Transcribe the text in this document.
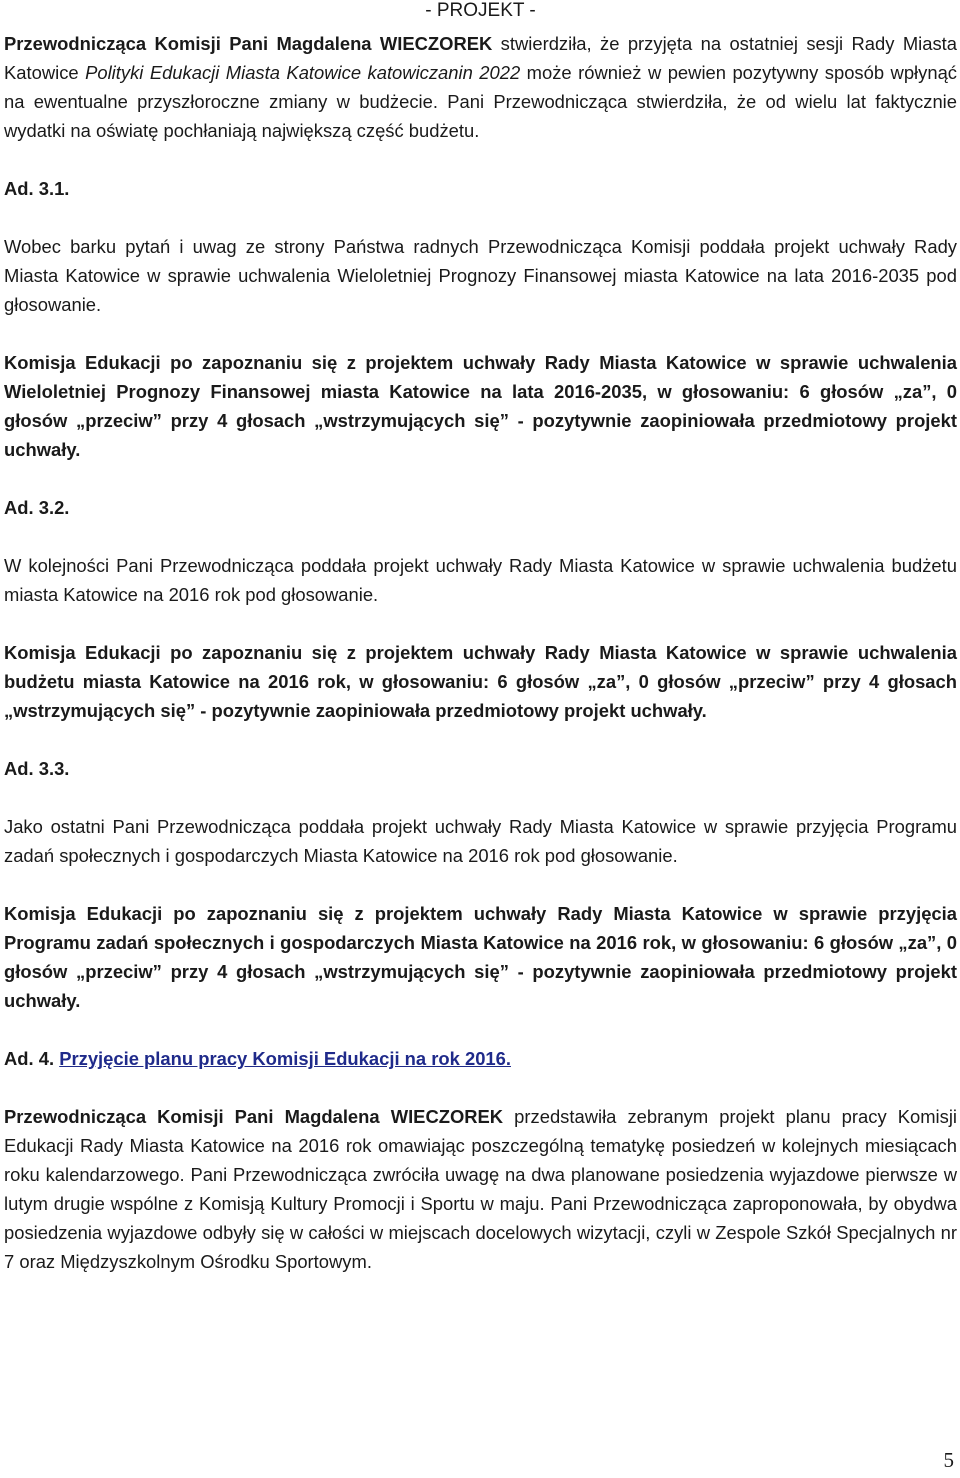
- PROJEKT -

Przewodnicząca Komisji Pani Magdalena WIECZOREK stwierdziła, że przyjęta na ostatniej sesji Rady Miasta Katowice Polityki Edukacji Miasta Katowice katowiczanin 2022 może również w pewien pozytywny sposób wpłynąć na ewentualne przyszłoroczne zmiany w budżecie. Pani Przewodnicząca stwierdziła, że od wielu lat faktycznie wydatki na oświatę pochłaniają największą część budżetu.

Ad. 3.1.

Wobec barku pytań i uwag ze strony Państwa radnych Przewodnicząca Komisji poddała projekt uchwały Rady Miasta Katowice w sprawie uchwalenia Wieloletniej Prognozy Finansowej miasta Katowice na lata 2016-2035 pod głosowanie.

Komisja Edukacji po zapoznaniu się z projektem uchwały Rady Miasta Katowice w sprawie uchwalenia Wieloletniej Prognozy Finansowej miasta Katowice na lata 2016-2035, w głosowaniu: 6 głosów „za”, 0 głosów „przeciw” przy 4 głosach „wstrzymujących się” - pozytywnie zaopiniowała przedmiotowy projekt uchwały.

Ad. 3.2.

W kolejności Pani Przewodnicząca poddała projekt uchwały Rady Miasta Katowice w sprawie uchwalenia budżetu miasta Katowice na 2016 rok pod głosowanie.

Komisja Edukacji po zapoznaniu się z projektem uchwały Rady Miasta Katowice w sprawie uchwalenia budżetu miasta Katowice na 2016 rok, w głosowaniu: 6 głosów „za”, 0 głosów „przeciw” przy 4 głosach „wstrzymujących się” - pozytywnie zaopiniowała przedmiotowy projekt uchwały.

Ad. 3.3.

Jako ostatni Pani Przewodnicząca poddała projekt uchwały Rady Miasta Katowice w sprawie przyjęcia Programu zadań społecznych i gospodarczych Miasta Katowice na 2016 rok pod głosowanie.

Komisja Edukacji po zapoznaniu się z projektem uchwały Rady Miasta Katowice w sprawie przyjęcia Programu zadań społecznych i gospodarczych Miasta Katowice na 2016 rok, w głosowaniu: 6 głosów „za”, 0 głosów „przeciw” przy 4 głosach „wstrzymujących się” - pozytywnie zaopiniowała przedmiotowy projekt uchwały.

Ad. 4. Przyjęcie planu pracy Komisji Edukacji na rok 2016.

Przewodnicząca Komisji Pani Magdalena WIECZOREK przedstawiła zebranym projekt planu pracy Komisji Edukacji Rady Miasta Katowice na 2016 rok omawiając poszczególną tematykę posiedzeń w kolejnych miesiącach roku kalendarzowego. Pani Przewodnicząca zwróciła uwagę na dwa planowane posiedzenia wyjazdowe pierwsze w lutym drugie wspólne z Komisją Kultury Promocji i Sportu w maju. Pani Przewodnicząca zaproponowała, by obydwa posiedzenia wyjazdowe odbyły się w całości w miejscach docelowych wizytacji, czyli w Zespole Szkół Specjalnych nr 7 oraz Międzyszkolnym Ośrodku Sportowym.

5
